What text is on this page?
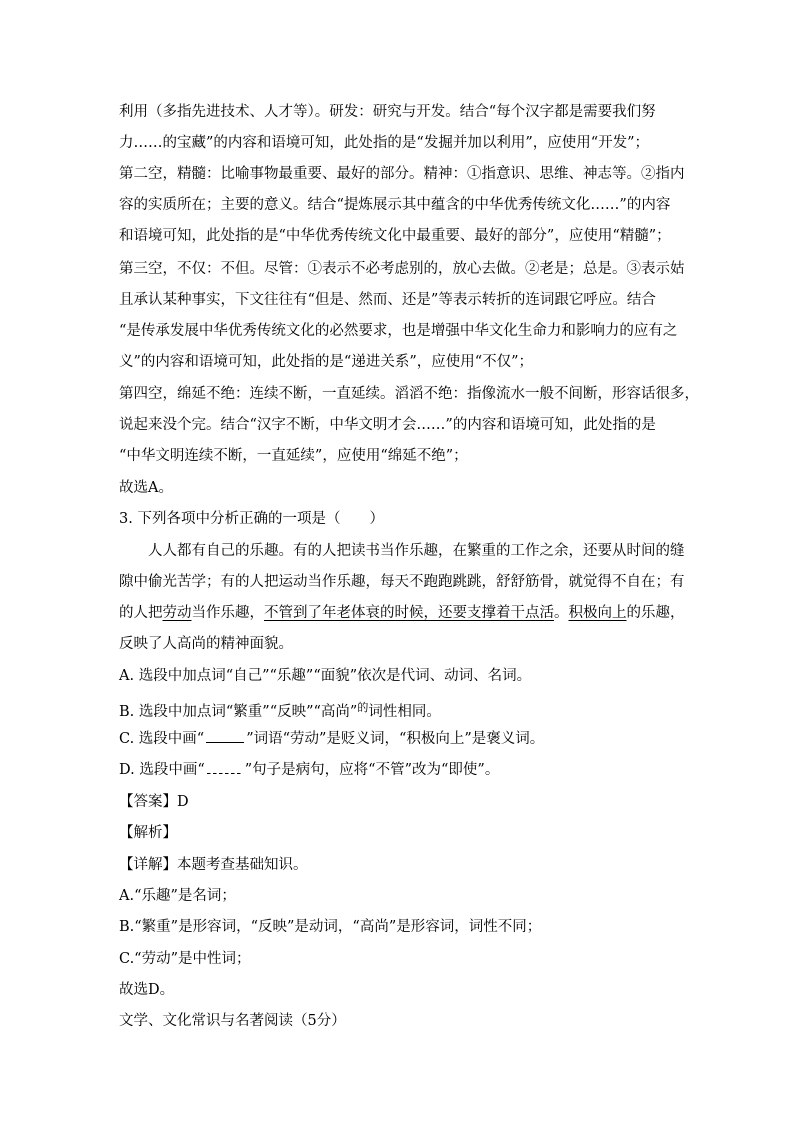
利用（多指先进技术、人才等）。研发：研究与开发。结合“每个汉字都是需要我们努
力……的宝藏”的内容和语境可知，此处指的是“发掘并加以利用”，应使用“开发”；
第二空，精髓：比喻事物最重要、最好的部分。精神：①指意识、思维、神志等。②指内
容的实质所在；主要的意义。结合“提炼展示其中蕴含的中华优秀传统文化……”的内容
和语境可知，此处指的是“中华优秀传统文化中最重要、最好的部分”，应使用“精髓”；
第三空，不仅：不但。尽管：①表示不必考虑别的，放心去做。②老是；总是。③表示姑
且承认某种事实，下文往往有“但是、然而、还是”等表示转折的连词跟它呼应。结合
“是传承发展中华优秀传统文化的必然要求，也是增强中华文化生命力和影响力的应有之
义”的内容和语境可知，此处指的是“递进关系”，应使用“不仅”；
第四空，绵延不绝：连续不断，一直延续。滔滔不绝：指像流水一般不间断，形容话很多，
说起来没个完。结合“汉字不断，中华文明才会……”的内容和语境可知，此处指的是
“中华文明连续不断，一直延续”，应使用“绵延不绝”；
故选A。
3. 下列各项中分析正确的一项是（　　）
人人都有自己的乐趣。有的人把读书当作乐趣，在繁重的工作之余，还要从时间的缝
隙中偷光苦学；有的人把运动当作乐趣，每天不跑跑跳跳，舒舒筋骨，就觉得不自在；有
的人把劳动当作乐趣，不管到了年老体衰的时候，还要支撑着干点活。积极向上的乐趣，
反映了人高尚的精神面貌。
A. 选段中加点词“自己”“乐趣”“面貌”依次是代词、动词、名词。
B. 选段中加点词“繁重”“反映”“高尚”$^的$词性相同。
C. 选段中画“	”词语“劳动”是贬义词，“积极向上”是褒义词。
D. 选段中画“	”句子是病句，应将“不管”改为“即使”。
【答案】D
【解析】
【详解】本题考查基础知识。
A.“乐趣”是名词；
B.“繁重”是形容词，“反映”是动词，“高尚”是形容词，词性不同；
C.“劳动”是中性词；
故选D。
文学、文化常识与名著阅读（5分）
